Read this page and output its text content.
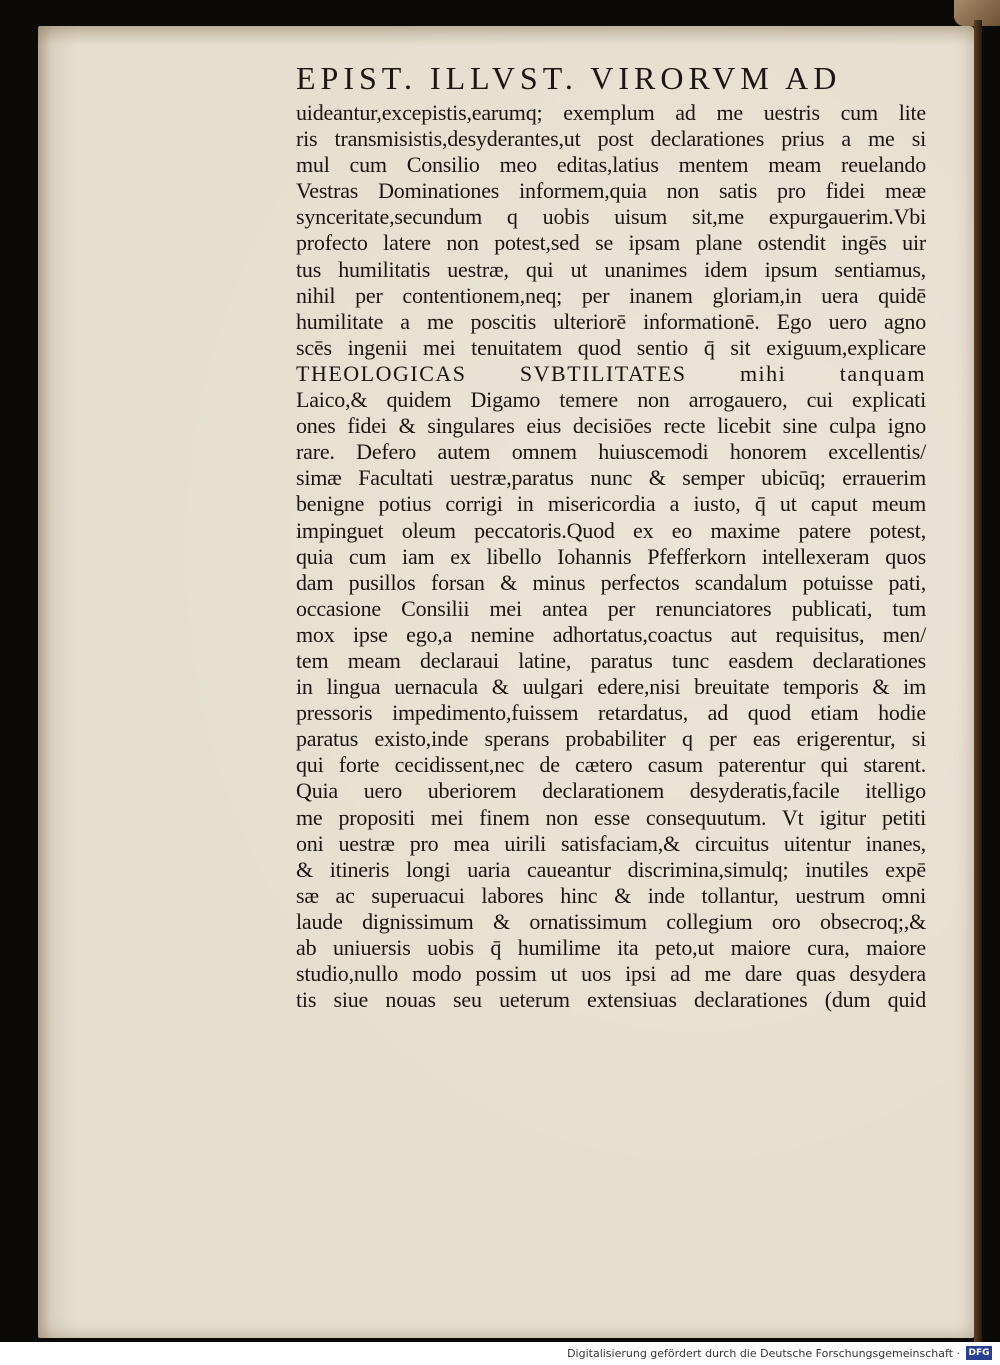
EPIST. ILLVST. VIRORVM AD
uideantur,excepistis,earumq; exemplum ad me uestris cum lite
ris transmisistis,desyderantes,ut post declarationes prius a me si
mul cum Consilio meo editas,latius mentem meam reuelando
Vestras Dominationes informem,quia non satis pro fidei meæ
synceritate,secundum q uobis uisum sit,me expurgauerim.Vbi
profecto latere non potest,sed se ipsam plane ostendit ingēs uir
tus humilitatis uestræ, qui ut unanimes idem ipsum sentiamus,
nihil per contentionem,neq; per inanem gloriam,in uera quidē
humilitate a me poscitis ulteriorē informationē. Ego uero agno
scēs ingenii mei tenuitatem quod sentio q̄ sit exiguum,explicare
THEOLOGICAS SVBTILITATES mihi tanquam
Laico,& quidem Digamo temere non arrogauero, cui explicati
ones fidei & singulares eius decisiōes recte licebit sine culpa igno
rare. Defero autem omnem huiuscemodi honorem excellentis/
simæ Facultati uestræ,paratus nunc & semper ubicūq; errauerim
benigne potius corrigi in misericordia a iusto, q̄ ut caput meum
impinguet oleum peccatoris.Quod ex eo maxime patere potest,
quia cum iam ex libello Iohannis Pfefferkorn intellexeram quos
dam pusillos forsan & minus perfectos scandalum potuisse pati,
occasione Consilii mei antea per renunciatores publicati, tum
mox ipse ego,a nemine adhortatus,coactus aut requisitus, men/
tem meam declaraui latine, paratus tunc easdem declarationes
in lingua uernacula & uulgari edere,nisi breuitate temporis & im
pressoris impedimento,fuissem retardatus, ad quod etiam hodie
paratus existo,inde sperans probabiliter q per eas erigerentur, si
qui forte cecidissent,nec de cætero casum paterentur qui starent.
Quia uero uberiorem declarationem desyderatis,facile itelligo
me propositi mei finem non esse consequutum. Vt igitur petiti
oni uestræ pro mea uirili satisfaciam,& circuitus uitentur inanes,
& itineris longi uaria caueantur discrimina,simulq; inutiles expē
sæ ac superuacui labores hinc & inde tollantur, uestrum omni
laude dignissimum & ornatissimum collegium oro obsecroq;,&
ab uniuersis uobis q̄ humilime ita peto,ut maiore cura, maiore
studio,nullo modo possim ut uos ipsi ad me dare quas desydera
tis siue nouas seu ueterum extensiuas declarationes (dum quid
Digitalisierung gefördert durch die Deutsche Forschungsgemeinschaft · DFG
